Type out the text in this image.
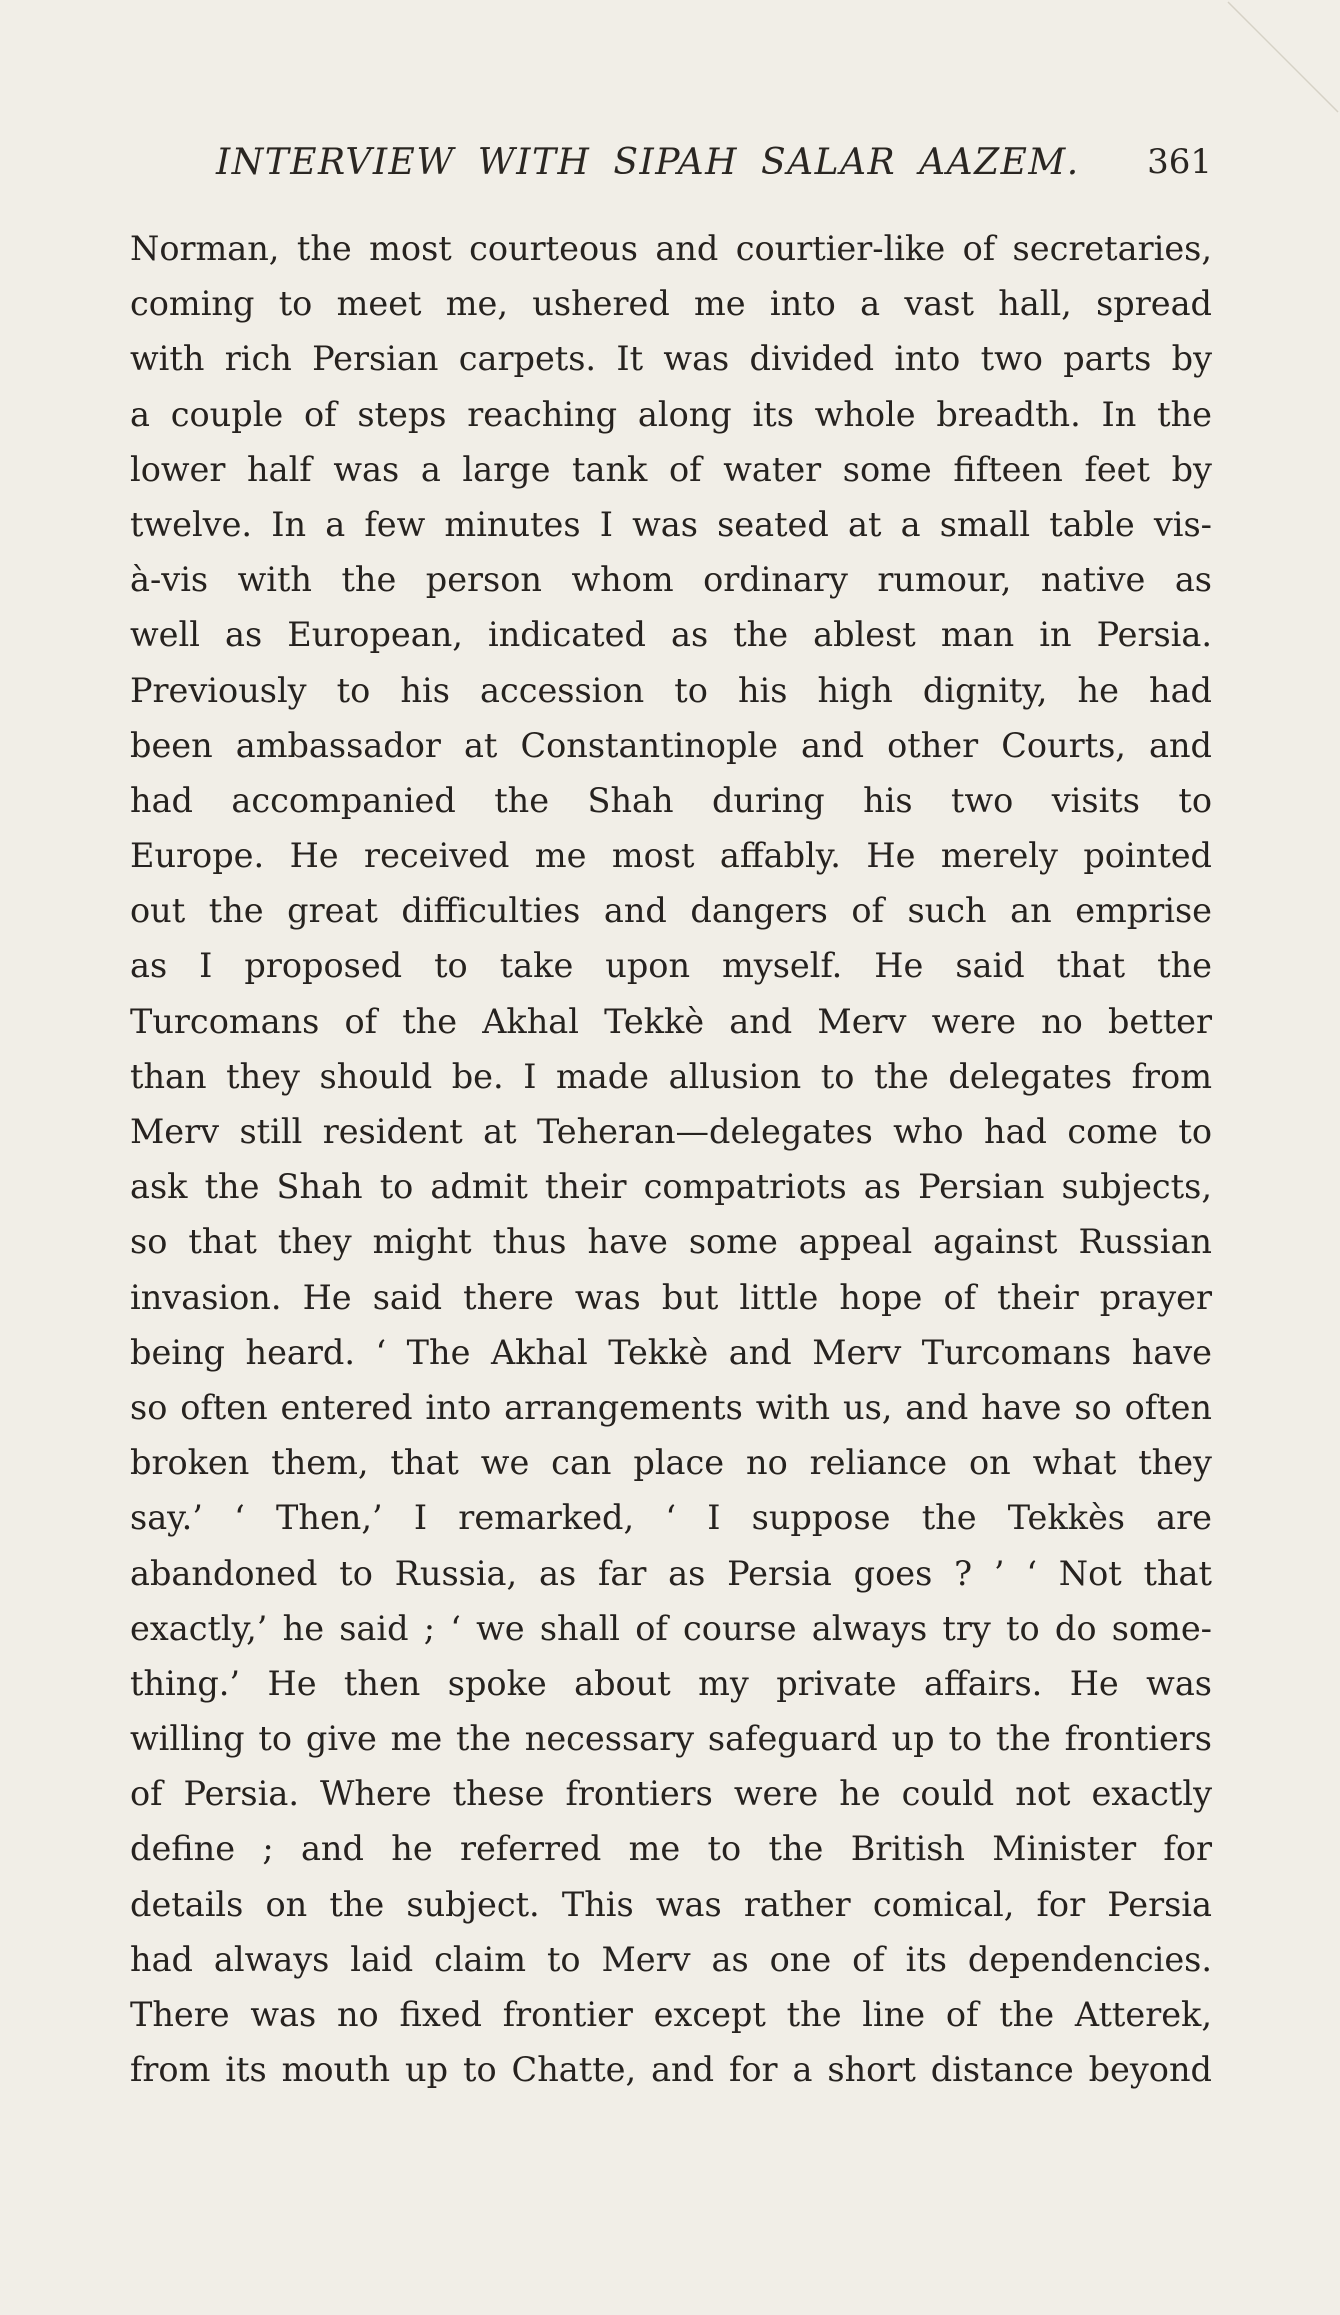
INTERVIEW WITH SIPAH SALAR AAZEM. 361
Norman, the most courteous and courtier-like of secretaries,
coming to meet me, ushered me into a vast hall, spread
with rich Persian carpets. It was divided into two parts by
a couple of steps reaching along its whole breadth. In the
lower half was a large tank of water some fifteen feet by
twelve. In a few minutes I was seated at a small table vis-
à-vis with the person whom ordinary rumour, native as
well as European, indicated as the ablest man in Persia.
Previously to his accession to his high dignity, he had
been ambassador at Constantinople and other Courts, and
had accompanied the Shah during his two visits to
Europe. He received me most affably. He merely pointed
out the great difficulties and dangers of such an emprise
as I proposed to take upon myself. He said that the
Turcomans of the Akhal Tekkè and Merv were no better
than they should be. I made allusion to the delegates from
Merv still resident at Teheran—delegates who had come to
ask the Shah to admit their compatriots as Persian subjects,
so that they might thus have some appeal against Russian
invasion. He said there was but little hope of their prayer
being heard. ‘ The Akhal Tekkè and Merv Turcomans have
so often entered into arrangements with us, and have so often
broken them, that we can place no reliance on what they
say.’ ‘ Then,’ I remarked, ‘ I suppose the Tekkès are
abandoned to Russia, as far as Persia goes ? ’ ‘ Not that
exactly,’ he said ; ‘ we shall of course always try to do some-
thing.’ He then spoke about my private affairs. He was
willing to give me the necessary safeguard up to the frontiers
of Persia. Where these frontiers were he could not exactly
define ; and he referred me to the British Minister for
details on the subject. This was rather comical, for Persia
had always laid claim to Merv as one of its dependencies.
There was no fixed frontier except the line of the Atterek,
from its mouth up to Chatte, and for a short distance beyond
